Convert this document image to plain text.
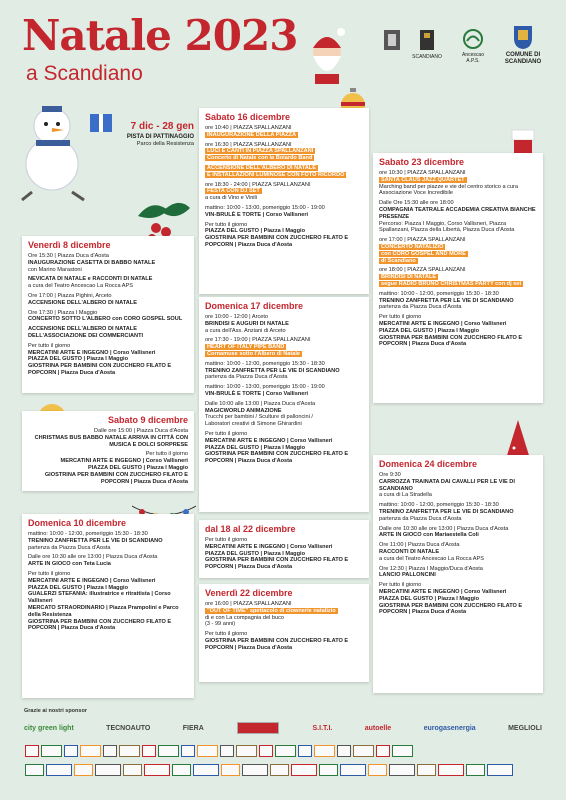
Natale 2023
a Scandiano
SCANDIANO	Ancescao A.P.S.
COMUNE DI SCANDIANO
7 dic - 28 gen
PISTA DI PATTINAGGIO
Parco della Resistenza
Venerdì 8 dicembre

Ore 15:30 | Piazza Duca d'Aosta
INAUGURAZIONE CASETTA DI BABBO NATALE
con Marino Marastoni

NEVICATA DI NATALE e RACCONTI DI NATALE
a cura del Teatro Ancescao La Rocca APS

Ore 17:00 | Piazza Pighini, Arceto
ACCENSIONE DELL'ALBERO DI NATALE

Ore 17:30 | Piazza I Maggio
CONCERTO SOTTO L'ALBERO con CORO GOSPEL SOUL

ACCENSIONE DELL'ALBERO DI NATALE DELL'ASSOCIAZIONE DEI COMMERCIANTI

Per tutto il giorno
MERCATINI ARTE E INGEGNO | Corso Vallisneri
PIAZZA DEL GUSTO | Piazza I Maggio
GIOSTRINA PER BAMBINI CON ZUCCHERO FILATO E POPCORN | Piazza Duca d'Aosta

Sabato 9 dicembre

Dalle ore 15:00 | Piazza Duca d'Aosta
CHRISTMAS BUS BABBO NATALE ARRIVA IN CITTÀ CON MUSICA E DOLCI SORPRESE

Per tutto il giorno
MERCATINI ARTE E INGEGNO | Corso Vallisneri
PIAZZA DEL GUSTO | Piazza I Maggio
GIOSTRINA PER BAMBINI CON ZUCCHERO FILATO E POPCORN | Piazza Duca d'Aosta

Domenica 10 dicembre

mattino: 10:00 - 12:00, pomeriggio 15:30 - 18:30
TRENINO ZANFRETTA PER LE VIE DI SCANDIANO
partenza da Piazza Duca d'Aosta

Dalle ore 10:30 alle ore 13:00 | Piazza Duca d'Aosta
ARTE IN GIOCO con Teta Lucia

Per tutto il giorno
MERCATINI ARTE E INGEGNO | Corso Vallisneri
PIAZZA DEL GUSTO | Piazza I Maggio
GUALERZI STEFANIA: illustratrice e ritrattista | Corso Vallisneri
MERCATO STRAORDINARIO | Piazza Prampolini e Parco della Resistenza
GIOSTRINA PER BAMBINI CON ZUCCHERO FILATO E POPCORN | Piazza Duca d'Aosta

Sabato 16 dicembre

ore 10:40 | PIAZZA SPALLANZANI
INAUGURAZIONE DELLA PIAZZA

ore 16:30 | PIAZZA SPALLANZANI
LUCI E CANTI IN PIAZZA SPALLANZANI
Concerto di Natale con la Boiardo Band

ACCENSIONE DELL'ALBERO DI NATALE
E INSTALLAZIONI LUMINOSE CON FOTO RICORDO

ore 18:30 - 24:00 | PIAZZA SPALLANZANI
FESTA CON DJ SET
a cura di Vino e Vinili

mattino: 10:00 - 13:00, pomeriggio 15:00 - 19:00
VIN-BRULÈ E TORTE | Corso Vallisneri

Per tutto il giorno
PIAZZA DEL GUSTO | Piazza I Maggio
GIOSTRINA PER BAMBINI CON ZUCCHERO FILATO E POPCORN | Piazza Duca d'Aosta

Domenica 17 dicembre

ore 10:00 - 12:00 | Arceto
BRINDISI E AUGURI DI NATALE
a cura dell'Ass. Anziani di Arceto

ore 17:30 - 19:00 | PIAZZA SPALLANZANI
HEART OF ITALY PIPE BAND
Cornamuse sotto l'Albero di Natale

mattino: 10:00 - 12:00, pomeriggio 15:30 - 18:30
TRENINO ZANFRETTA PER LE VIE DI SCANDIANO
partenza da Piazza Duca d'Aosta

mattino: 10:00 - 13:00, pomeriggio 15:00 - 19:00
VIN-BRULÈ E TORTE | Corso Vallisneri

Dalle 10:00 alle 13:00 | Piazza Duca d'Aosta
MAGICWORLD ANIMAZIONE
Trucchi per bambini / Sculture di palloncini /
Laboratori creativi di Simone Ghirardini

Per tutto il giorno
MERCATINI ARTE E INGEGNO | Corso Vallisneri
PIAZZA DEL GUSTO | Piazza I Maggio
GIOSTRINA PER BAMBINI CON ZUCCHERO FILATO E POPCORN | Piazza Duca d'Aosta

dal 18 al 22 dicembre

Per tutto il giorno
MERCATINI ARTE E INGEGNO | Corso Vallisneri
PIAZZA DEL GUSTO | Piazza I Maggio
GIOSTRINA PER BAMBINI CON ZUCCHERO FILATO E POPCORN | Piazza Duca d'Aosta

Venerdì 22 dicembre

ore 16:00 | PIAZZA SPALLANZANI
"OUT OF TIME" spettacolo di clownerie natalizio
di e con La compagnia del buco
(3 - 99 anni)

Per tutto il giorno
GIOSTRINA PER BAMBINI CON ZUCCHERO FILATO E POPCORN | Piazza Duca d'Aosta

Sabato 23 dicembre

ore 10:30 | PIAZZA SPALLANZANI
SANTA CLAUS JAZZ QUARTET
Marching band per piazze e vie del centro storico a cura Associazione Voce Incredibile

Dalle Ore 15:30 alle ore 18:00
COMPAGNIA TEATRALE ACCADEMIA CREATIVA BIANCHE PRESENZE
Percorso: Piazza I Maggio, Corso Vallisneri, Piazza Spallanzani, Piazza della Libertà, Piazza Duca d'Aosta

ore 17:00 | PIAZZA SPALLANZANI
CONCERTO NATALIZIO
con CORO GOSPEL AND MORE
di Scandiano

ore 18:00 | PIAZZA SPALLANZANI
BRINDISI DI NATALE
segue RADIO BRUNO CHRISTMAS PARTY con dj set

mattino: 10:00 - 12:00, pomeriggio 15:30 - 18:30
TRENINO ZANFRETTA PER LE VIE DI SCANDIANO
partenza da Piazza Duca d'Aosta

Per tutto il giorno
MERCATINI ARTE E INGEGNO | Corso Vallisneri
PIAZZA DEL GUSTO | Piazza I Maggio
GIOSTRINA PER BAMBINI CON ZUCCHERO FILATO E POPCORN | Piazza Duca d'Aosta

Domenica 24 dicembre

Ore 9:30
CARROZZA TRAINATA DAI CAVALLI PER LE VIE DI SCANDIANO
a cura di La Stradella

mattino: 10:00 - 12:00, pomeriggio 15:30 - 18:30
TRENINO ZANFRETTA PER LE VIE DI SCANDIANO
partenza da Piazza Duca d'Aosta

Dalle ore 10:30 alle ore 13:00 | Piazza Duca d'Aosta
ARTE IN GIOCO con Mariaestella Coli

Ore 11:00 | Piazza Duca d'Aosta
RACCONTI DI NATALE
a cura del Teatro Ancescao La Rocca APS

Ore 12:30 | Piazza I Maggio/Duca d'Aosta
LANCIO PALLONCINI

Per tutto il giorno
MERCATINI ARTE E INGEGNO | Corso Vallisneri
PIAZZA DEL GUSTO | Piazza I Maggio
GIOSTRINA PER BAMBINI CON ZUCCHERO FILATO E POPCORN | Piazza Duca d'Aosta

Grazie ai nostri sponsor
city green light	TECNOAUTO	FIERA	S.I.T.I.	autoelle	eurogasenergia	MEGLIOLI
